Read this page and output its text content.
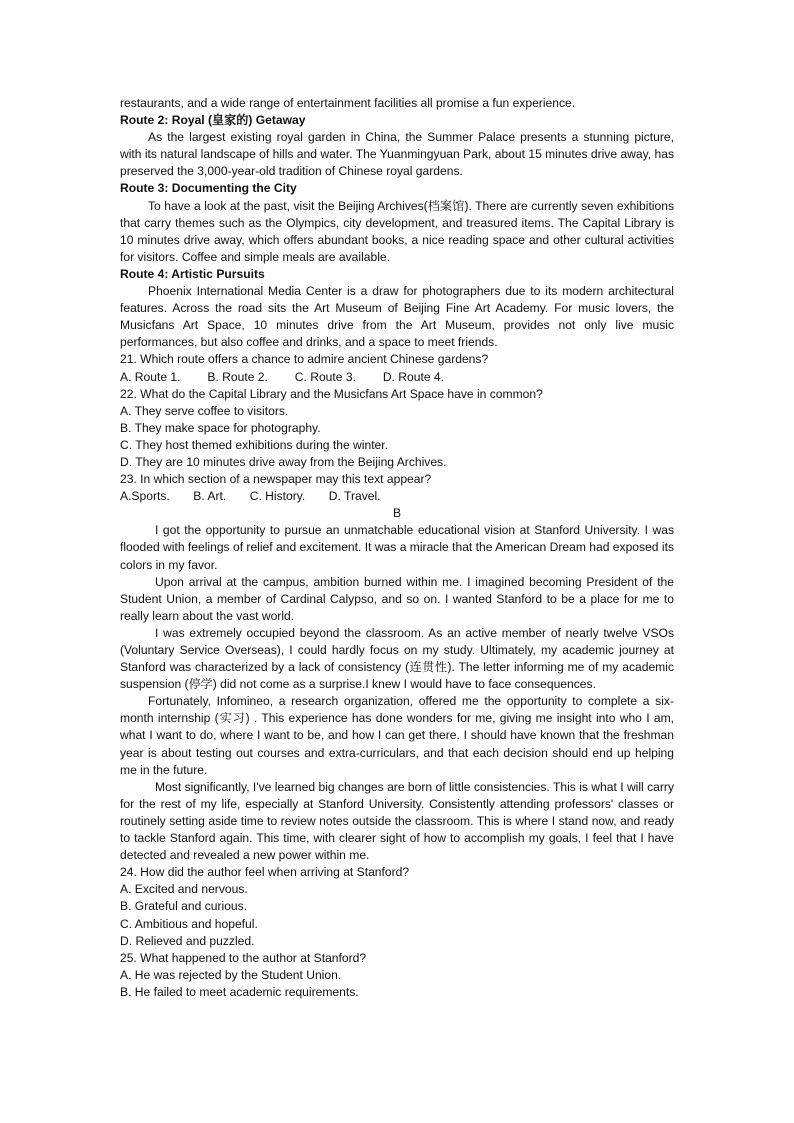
restaurants, and a wide range of entertainment facilities all promise a fun experience.

Route 2: Royal (皇家的) Getaway

As the largest existing royal garden in China, the Summer Palace presents a stunning picture, with its natural landscape of hills and water. The Yuanmingyuan Park, about 15 minutes drive away, has preserved the 3,000-year-old tradition of Chinese royal gardens.

Route 3: Documenting the City

To have a look at the past, visit the Beijing Archives(档案馆). There are currently seven exhibitions that carry themes such as the Olympics, city development, and treasured items. The Capital Library is 10 minutes drive away, which offers abundant books, a nice reading space and other cultural activities for visitors. Coffee and simple meals are available.

Route 4: Artistic Pursuits

Phoenix International Media Center is a draw for photographers due to its modern architectural features. Across the road sits the Art Museum of Beijing Fine Art Academy. For music lovers, the Musicfans Art Space, 10 minutes drive from the Art Museum, provides not only live music performances, but also coffee and drinks, and a space to meet friends.

21. Which route offers a chance to admire ancient Chinese gardens?

A. Route 1.        B. Route 2.        C. Route 3.        D. Route 4.

22. What do the Capital Library and the Musicfans Art Space have in common?

A. They serve coffee to visitors.

B. They make space for photography.

C. They host themed exhibitions during the winter.

D. They are 10 minutes drive away from the Beijing Archives.

23. In which section of a newspaper may this text appear?

A.Sports.       B. Art.       C. History.       D. Travel.

B

I got the opportunity to pursue an unmatchable educational vision at Stanford University. I was flooded with feelings of relief and excitement. It was a miracle that the American Dream had exposed its colors in my favor.

Upon arrival at the campus, ambition burned within me. I imagined becoming President of the Student Union, a member of Cardinal Calypso, and so on. I wanted Stanford to be a place for me to really learn about the vast world.

I was extremely occupied beyond the classroom. As an active member of nearly twelve VSOs (Voluntary Service Overseas), I could hardly focus on my study. Ultimately, my academic journey at Stanford was characterized by a lack of consistency (连贯性). The letter informing me of my academic suspension (停学) did not come as a surprise.I knew I would have to face consequences.

Fortunately, Infomineo, a research organization, offered me the opportunity to complete a six-month internship (实习) . This experience has done wonders for me, giving me insight into who I am, what I want to do, where I want to be, and how I can get there. I should have known that the freshman year is about testing out courses and extra-curriculars, and that each decision should end up helping me in the future.

Most significantly, I've learned big changes are born of little consistencies. This is what I will carry for the rest of my life, especially at Stanford University. Consistently attending professors' classes or routinely setting aside time to review notes outside the classroom. This is where I stand now, and ready to tackle Stanford again. This time, with clearer sight of how to accomplish my goals, I feel that I have detected and revealed a new power within me.

24. How did the author feel when arriving at Stanford?

A. Excited and nervous.

B. Grateful and curious.

C. Ambitious and hopeful.

D. Relieved and puzzled.

25. What happened to the author at Stanford?

A. He was rejected by the Student Union.

B. He failed to meet academic requirements.
